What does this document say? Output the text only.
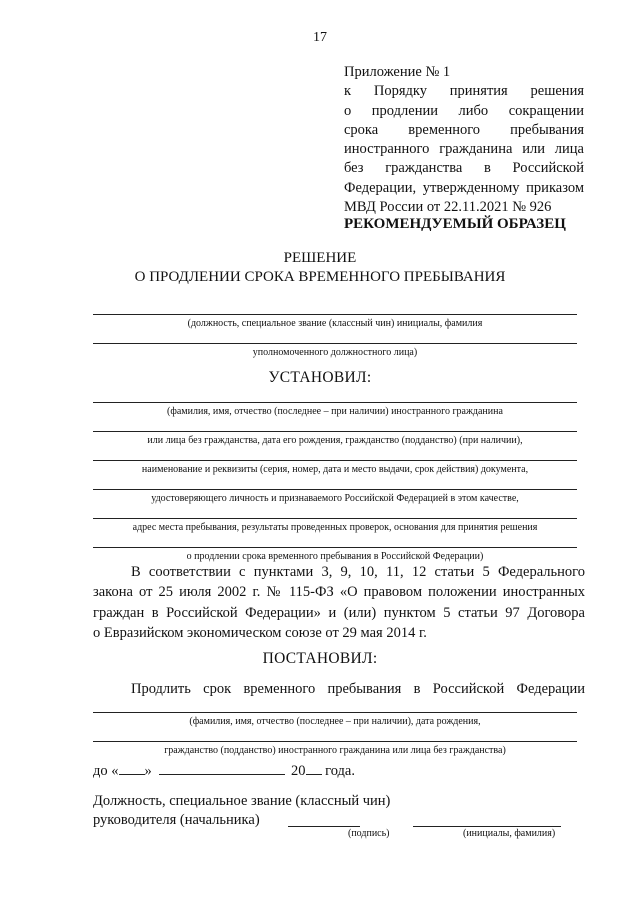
17
Приложение № 1
к Порядку принятия решения
о продлении либо сокращении
срока временного пребывания
иностранного гражданина или лица
без гражданства в Российской
Федерации, утвержденному приказом
МВД России от 22.11.2021 № 926
РЕКОМЕНДУЕМЫЙ ОБРАЗЕЦ
РЕШЕНИЕ
О ПРОДЛЕНИИ СРОКА ВРЕМЕННОГО ПРЕБЫВАНИЯ
(должность, специальное звание (классный чин) инициалы, фамилия
уполномоченного должностного лица)
УСТАНОВИЛ:
(фамилия, имя, отчество (последнее – при наличии) иностранного гражданина
или лица без гражданства, дата его рождения, гражданство (подданство) (при наличии),
наименование и реквизиты (серия, номер, дата и место выдачи, срок действия) документа,
удостоверяющего личность и признаваемого Российской Федерацией в этом качестве,
адрес места пребывания, результаты проведенных проверок, основания для принятия решения
о продлении срока временного пребывания в Российской Федерации)
В соответствии с пунктами 3, 9, 10, 11, 12 статьи 5 Федерального
закона от 25 июля 2002 г. № 115-ФЗ «О правовом положении иностранных
граждан в Российской Федерации» и (или) пунктом 5 статьи 97 Договора
о Евразийском экономическом союзе от 29 мая 2014 г.
ПОСТАНОВИЛ:
Продлить срок временного пребывания в Российской Федерации
(фамилия, имя, отчество (последнее – при наличии), дата рождения,
гражданство (подданство) иностранного гражданина или лица без гражданства)
до « »	20 года.
Должность, специальное звание (классный чин)
руководителя (начальника)
(подпись)	(инициалы, фамилия)
